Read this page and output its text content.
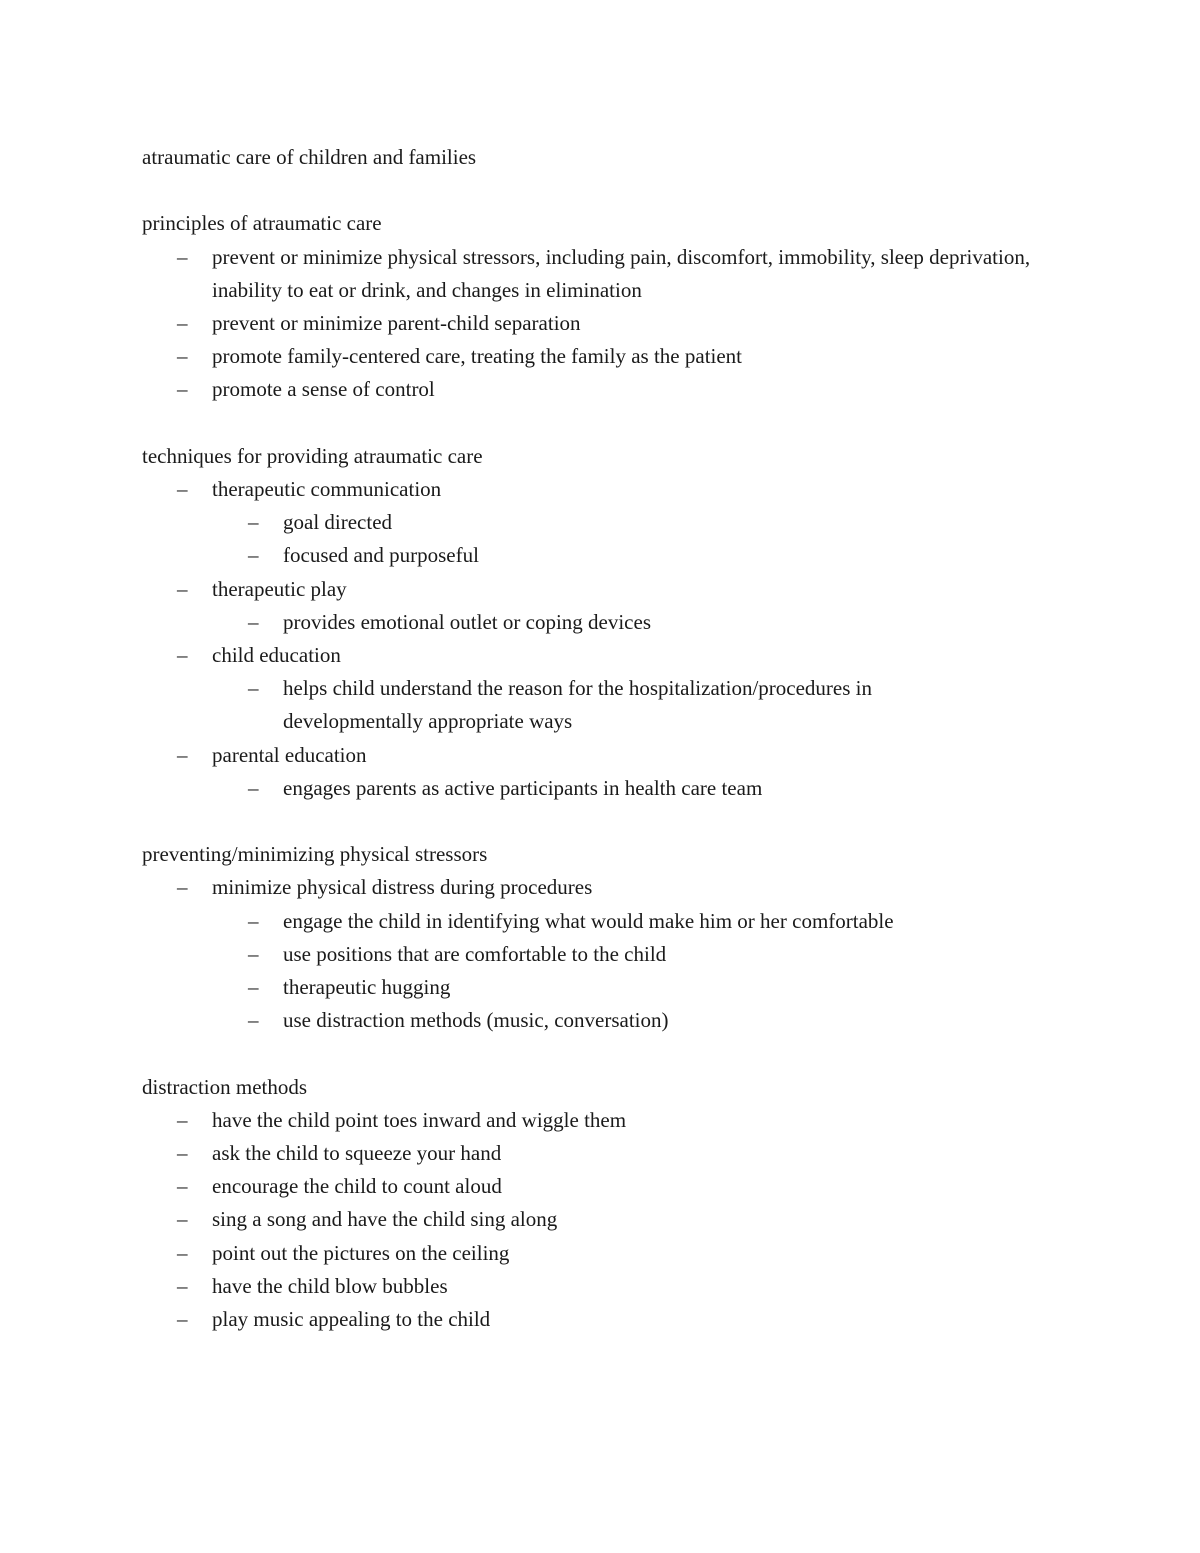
atraumatic care of children and families

principles of atraumatic care

– prevent or minimize physical stressors, including pain, discomfort, immobility, sleep deprivation, inability to eat or drink, and changes in elimination
– prevent or minimize parent-child separation
– promote family-centered care, treating the family as the patient
– promote a sense of control

techniques for providing atraumatic care

– therapeutic communication
– goal directed
– focused and purposeful
– therapeutic play
– provides emotional outlet or coping devices
– child education
– helps child understand the reason for the hospitalization/procedures in developmentally appropriate ways
– parental education
– engages parents as active participants in health care team

preventing/minimizing physical stressors

– minimize physical distress during procedures
– engage the child in identifying what would make him or her comfortable
– use positions that are comfortable to the child
– therapeutic hugging
– use distraction methods (music, conversation)

distraction methods

– have the child point toes inward and wiggle them
– ask the child to squeeze your hand
– encourage the child to count aloud
– sing a song and have the child sing along
– point out the pictures on the ceiling
– have the child blow bubbles
– play music appealing to the child
